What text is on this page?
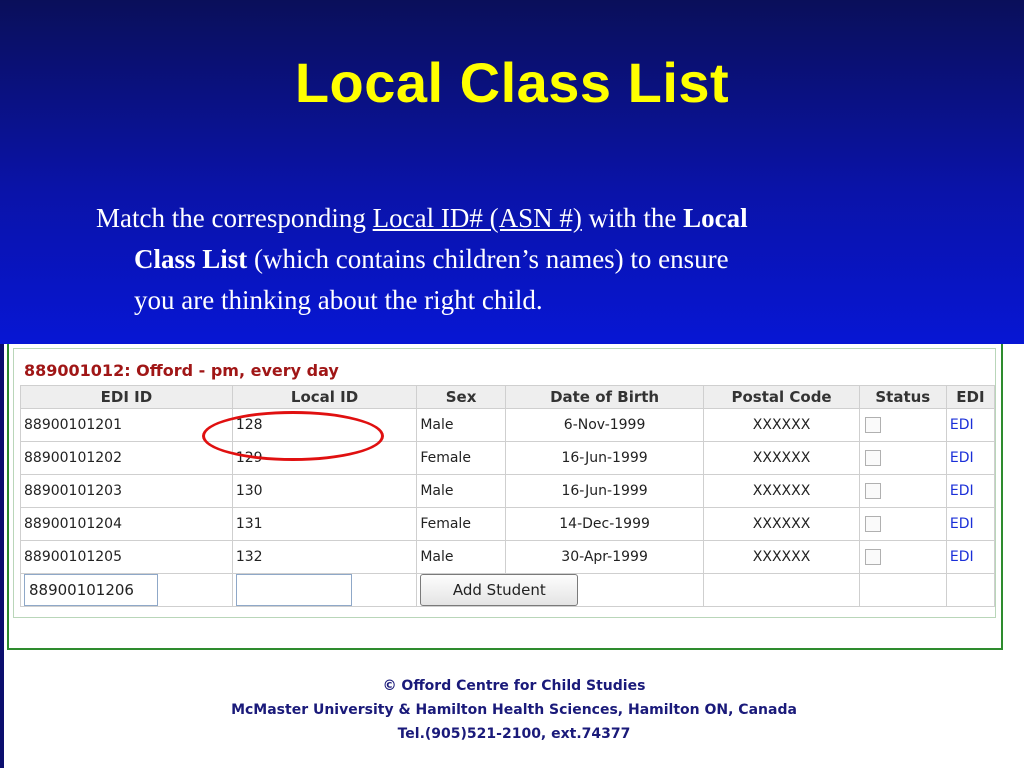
Local Class List
Match the corresponding Local ID# (ASN #) with the Local
Class List (which contains children’s names) to ensure
you are thinking about the right child.
889001012: Offord - pm, every day
EDI ID	Local ID	Sex	Date of Birth	Postal Code	Status	EDI
88900101201	128	Male	6-Nov-1999	XXXXXX		EDI
88900101202	129	Female	16-Jun-1999	XXXXXX		EDI
88900101203	130	Male	16-Jun-1999	XXXXXX		EDI
88900101204	131	Female	14-Dec-1999	XXXXXX		EDI
88900101205	132	Male	30-Apr-1999	XXXXXX		EDI
88900101206		Add Student				
© Offord Centre for Child Studies
McMaster University & Hamilton Health Sciences, Hamilton ON, Canada
Tel.(905)521-2100, ext.74377
